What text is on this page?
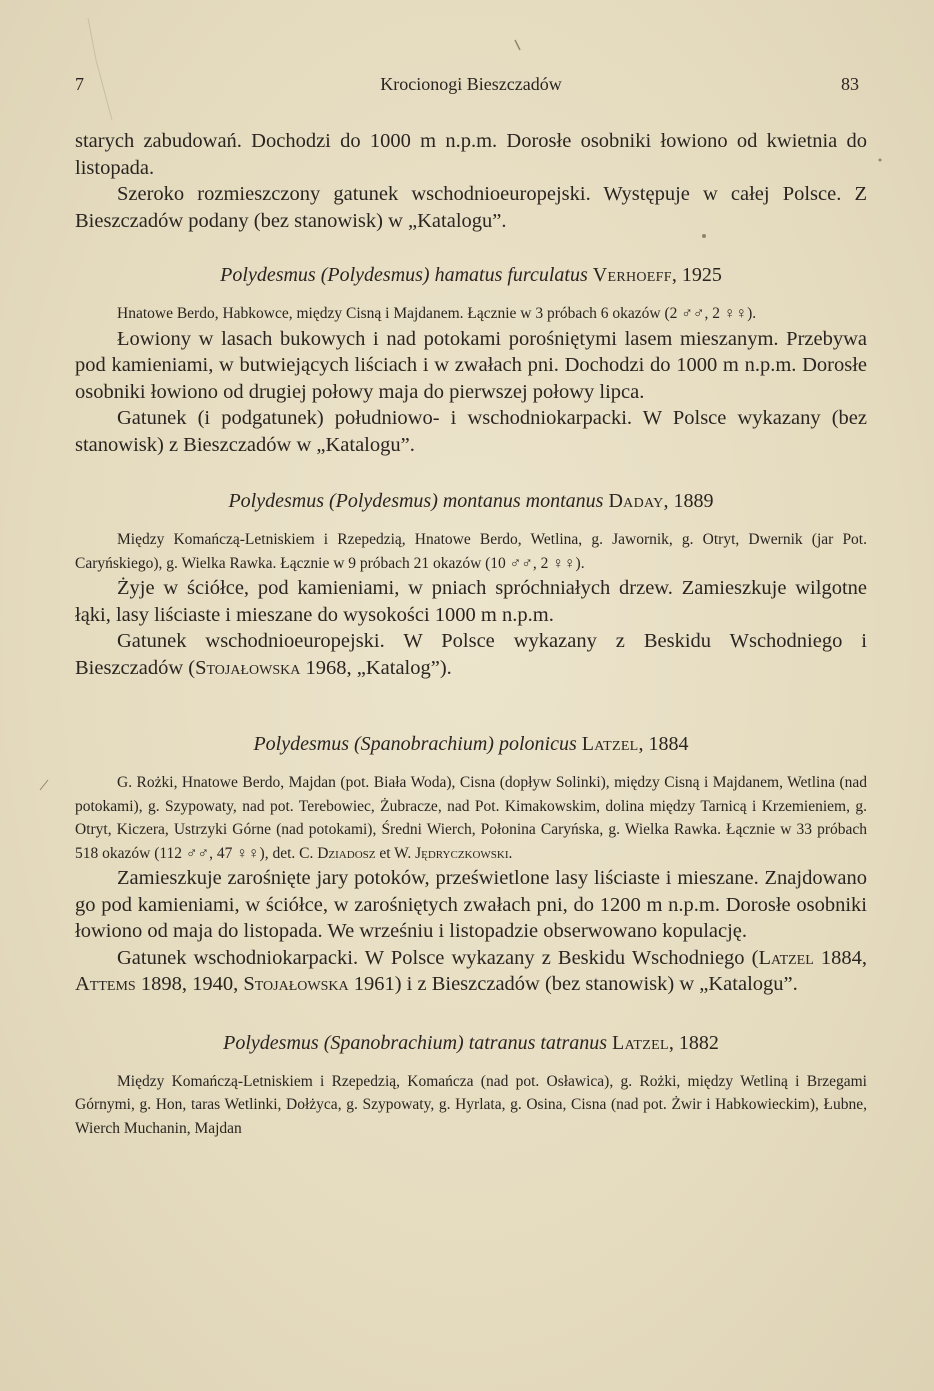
7	Krocionogi Bieszczadów	83

starych zabudowań. Dochodzi do 1000 m n.p.m. Dorosłe osobniki łowiono od kwietnia do listopada.

Szeroko rozmieszczony gatunek wschodnioeuropejski. Występuje w całej Polsce. Z Bieszczadów podany (bez stanowisk) w „Katalogu”.

Polydesmus (Polydesmus) hamatus furculatus Verhoeff, 1925

Hnatowe Berdo, Habkowce, między Cisną i Majdanem. Łącznie w 3 próbach 6 okazów (2 ♂♂, 2 ♀♀).

Łowiony w lasach bukowych i nad potokami porośniętymi lasem mieszanym. Przebywa pod kamieniami, w butwiejących liściach i w zwałach pni. Dochodzi do 1000 m n.p.m. Dorosłe osobniki łowiono od drugiej połowy maja do pierwszej połowy lipca.

Gatunek (i podgatunek) południowo- i wschodniokarpacki. W Polsce wykazany (bez stanowisk) z Bieszczadów w „Katalogu”.

Polydesmus (Polydesmus) montanus montanus Daday, 1889

Między Komańczą-Letniskiem i Rzepedzią, Hnatowe Berdo, Wetlina, g. Jawornik, g. Otryt, Dwernik (jar Pot. Caryńskiego), g. Wielka Rawka. Łącznie w 9 próbach 21 okazów (10 ♂♂, 2 ♀♀).

Żyje w ściółce, pod kamieniami, w pniach spróchniałych drzew. Zamieszkuje wilgotne łąki, lasy liściaste i mieszane do wysokości 1000 m n.p.m.

Gatunek wschodnioeuropejski. W Polsce wykazany z Beskidu Wschodniego i Bieszczadów (Stojałowska 1968, „Katalog”).

Polydesmus (Spanobrachium) polonicus Latzel, 1884

G. Rożki, Hnatowe Berdo, Majdan (pot. Biała Woda), Cisna (dopływ Solinki), między Cisną i Majdanem, Wetlina (nad potokami), g. Szypowaty, nad pot. Terebowiec, Żubracze, nad Pot. Kimakowskim, dolina między Tarnicą i Krzemieniem, g. Otryt, Kiczera, Ustrzyki Górne (nad potokami), Średni Wierch, Połonina Caryńska, g. Wielka Rawka. Łącznie w 33 próbach 518 okazów (112 ♂♂, 47 ♀♀), det. C. Dziadosz et W. Jędryczkowski.

Zamieszkuje zarośnięte jary potoków, prześwietlone lasy liściaste i mieszane. Znajdowano go pod kamieniami, w ściółce, w zarośniętych zwałach pni, do 1200 m n.p.m. Dorosłe osobniki łowiono od maja do listopada. We wrześniu i listopadzie obserwowano kopulację.

Gatunek wschodniokarpacki. W Polsce wykazany z Beskidu Wschodniego (Latzel 1884, Attems 1898, 1940, Stojałowska 1961) i z Bieszczadów (bez stanowisk) w „Katalogu”.

Polydesmus (Spanobrachium) tatranus tatranus Latzel, 1882

Między Komańczą-Letniskiem i Rzepedzią, Komańcza (nad pot. Osławica), g. Rożki, między Wetliną i Brzegami Górnymi, g. Hon, taras Wetlinki, Dołżyca, g. Szypowaty, g. Hyrlata, g. Osina, Cisna (nad pot. Żwir i Habkowieckim), Łubne, Wierch Muchanin, Majdan
